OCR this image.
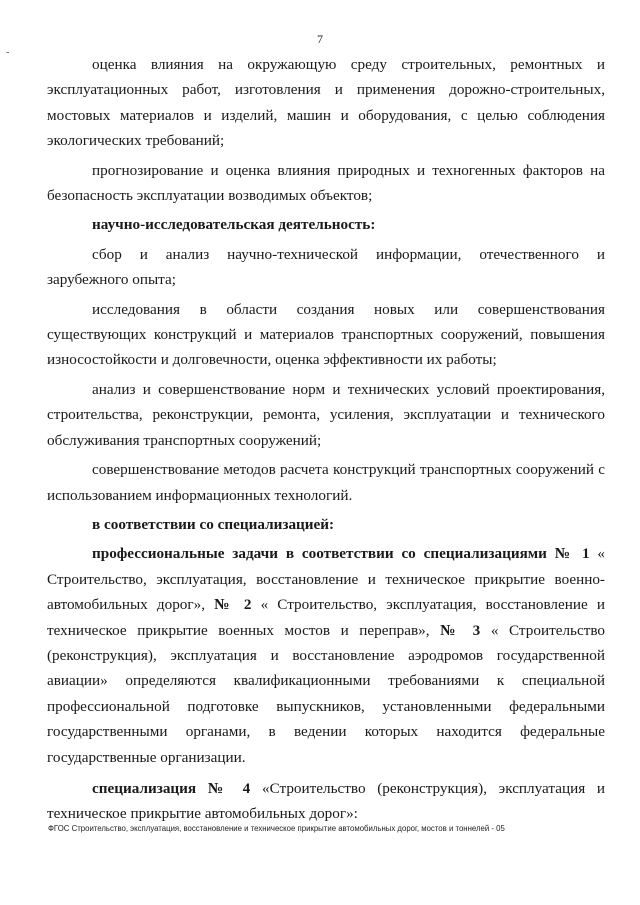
-
7

оценка влияния на окружающую среду строительных, ремонтных и эксплуатационных работ, изготовления и применения дорожно-строительных, мостовых материалов и изделий, машин и оборудования, с целью соблюдения экологических требований;

прогнозирование и оценка влияния природных и техногенных факторов на безопасность эксплуатации возводимых объектов;

научно-исследовательская деятельность:

сбор и анализ научно-технической информации, отечественного и зарубежного опыта;

исследования в области создания новых или совершенствования существующих конструкций и материалов транспортных сооружений, повышения износостойкости и долговечности, оценка эффективности их работы;

анализ и совершенствование норм и технических условий проектирования, строительства, реконструкции, ремонта, усиления, эксплуатации и технического обслуживания транспортных сооружений;

совершенствование методов расчета конструкций транспортных сооружений с использованием информационных технологий.

в соответствии со специализацией:

профессиональные задачи в соответствии со специализациями № 1 « Строительство, эксплуатация, восстановление и техническое прикрытие военно-автомобильных дорог», № 2 « Строительство, эксплуатация, восстановление и техническое прикрытие военных мостов и переправ», № 3 « Строительство (реконструкция), эксплуатация и восстановление аэродромов государственной авиации» определяются квалификационными требованиями к специальной профессиональной подготовке выпускников, установленными федеральными государственными органами, в ведении которых находится федеральные государственные организации.

специализация № 4 «Строительство (реконструкция), эксплуатация и техническое прикрытие автомобильных дорог»:

ФГОС Строительство, эксплуатация, восстановление и техническое прикрытие автомобильных дорог, мостов и тоннелей - 05
